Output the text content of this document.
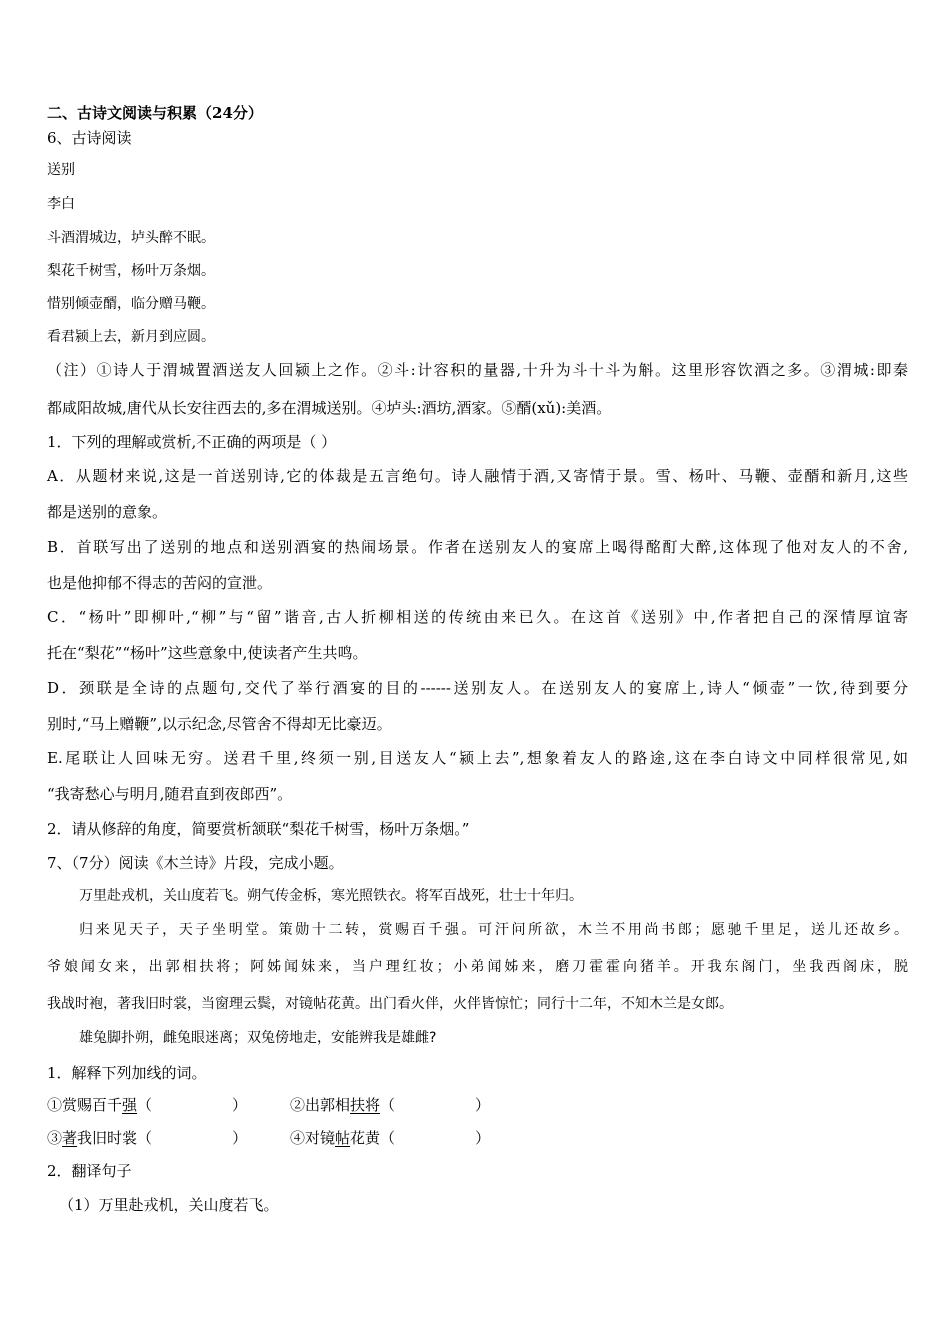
二、古诗文阅读与积累（24分）
6、古诗阅读
送别
李白
斗酒渭城边，垆头醉不眠。
梨花千树雪，杨叶万条烟。
惜别倾壶醑，临分赠马鞭。
看君颍上去，新月到应圆。
（注）①诗人于渭城置酒送友人回颍上之作。②斗:计容积的量器,十升为斗十斗为斛。这里形容饮酒之多。③渭城:即秦
都咸阳故城,唐代从长安往西去的,多在渭城送别。④垆头:酒坊,酒家。⑤醑(xǔ):美酒。
1．下列的理解或赏析,不正确的两项是（ ）
A．从题材来说,这是一首送别诗,它的体裁是五言绝句。诗人融情于酒,又寄情于景。雪、杨叶、马鞭、壶醑和新月,这些
都是送别的意象。
B．首联写出了送别的地点和送别酒宴的热闹场景。作者在送别友人的宴席上喝得酩酊大醉,这体现了他对友人的不舍,
也是他抑郁不得志的苦闷的宣泄。
C．“杨叶”即柳叶,“柳”与“留”谐音,古人折柳相送的传统由来已久。在这首《送别》中,作者把自己的深情厚谊寄
托在“梨花”“杨叶”这些意象中,使读者产生共鸣。
D．颈联是全诗的点题句,交代了举行酒宴的目的------送别友人。在送别友人的宴席上,诗人“倾壶”一饮,待到要分
别时,“马上赠鞭”,以示纪念,尽管舍不得却无比豪迈。
E.尾联让人回味无穷。送君千里,终须一别,目送友人“颍上去”,想象着友人的路途,这在李白诗文中同样很常见,如
“我寄愁心与明月,随君直到夜郎西”。
2．请从修辞的角度，简要赏析颔联“梨花千树雪，杨叶万条烟。”
7、（7分）阅读《木兰诗》片段，完成小题。
万里赴戎机，关山度若飞。朔气传金柝，寒光照铁衣。将军百战死，壮士十年归。
归来见天子，天子坐明堂。策勋十二转，赏赐百千强。可汗问所欲，木兰不用尚书郎；愿驰千里足，送儿还故乡。
爷娘闻女来，出郭相扶将；阿姊闻妹来，当户理红妆；小弟闻姊来，磨刀霍霍向猪羊。开我东阁门，坐我西阁床，脱
我战时袍，著我旧时裳，当窗理云鬓，对镜帖花黄。出门看火伴，火伴皆惊忙；同行十二年，不知木兰是女郎。
雄兔脚扑朔，雌兔眼迷离；双兔傍地走，安能辨我是雄雌?
1．解释下列加线的词。
①赏赐百千强（	）	②出郭相扶将（	）
③著我旧时裳（	）	④对镜帖花黄（	）
2．翻译句子
（1）万里赴戎机，关山度若飞。
